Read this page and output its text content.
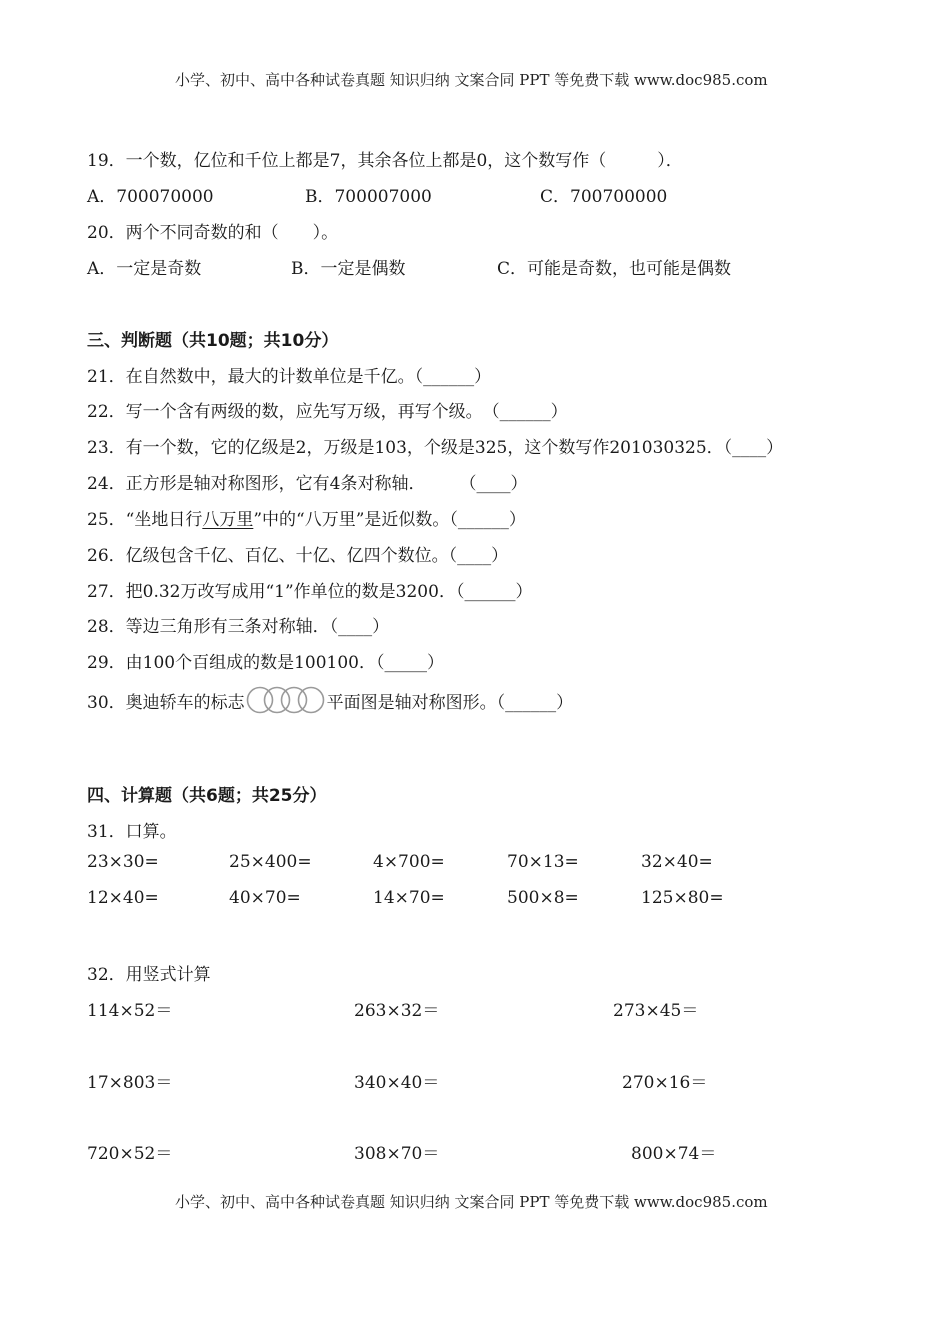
小学、初中、高中各种试卷真题 知识归纳 文案合同 PPT 等免费下载 www.doc985.com
19．一个数，亿位和千位上都是7，其余各位上都是0，这个数写作（　　　）．
A．700070000	B．700007000	C．700700000
20．两个不同奇数的和（　　）。
A．一定是奇数	B．一定是偶数	C．可能是奇数，也可能是偶数
三、判断题（共10题；共10分）
21．在自然数中，最大的计数单位是千亿。（______）
22．写一个含有两级的数，应先写万级，再写个级。　（______）
23．有一个数，它的亿级是2，万级是103，个级是325，这个数写作201030325．（____）
24．正方形是轴对称图形，它有4条对称轴．　　　（____）
25．“坐地日行八万里”中的“八万里”是近似数。（______）
26．亿级包含千亿、百亿、十亿、亿四个数位。（____）
27．把0.32万改写成用“1”作单位的数是3200．（______）
28．等边三角形有三条对称轴．（____）
29．由100个百组成的数是100100．（_____）
30．奥迪轿车的标志	平面图是轴对称图形。（______）
四、计算题（共6题；共25分）
31．口算。
23×30=	25×400=	4×700=	70×13=	32×40=
12×40=	40×70=	14×70=	500×8=	125×80=
32．用竖式计算
114×52＝	263×32＝	273×45＝
17×803＝	340×40＝	270×16＝
720×52＝	308×70＝	800×74＝
小学、初中、高中各种试卷真题 知识归纳 文案合同 PPT 等免费下载 www.doc985.com
